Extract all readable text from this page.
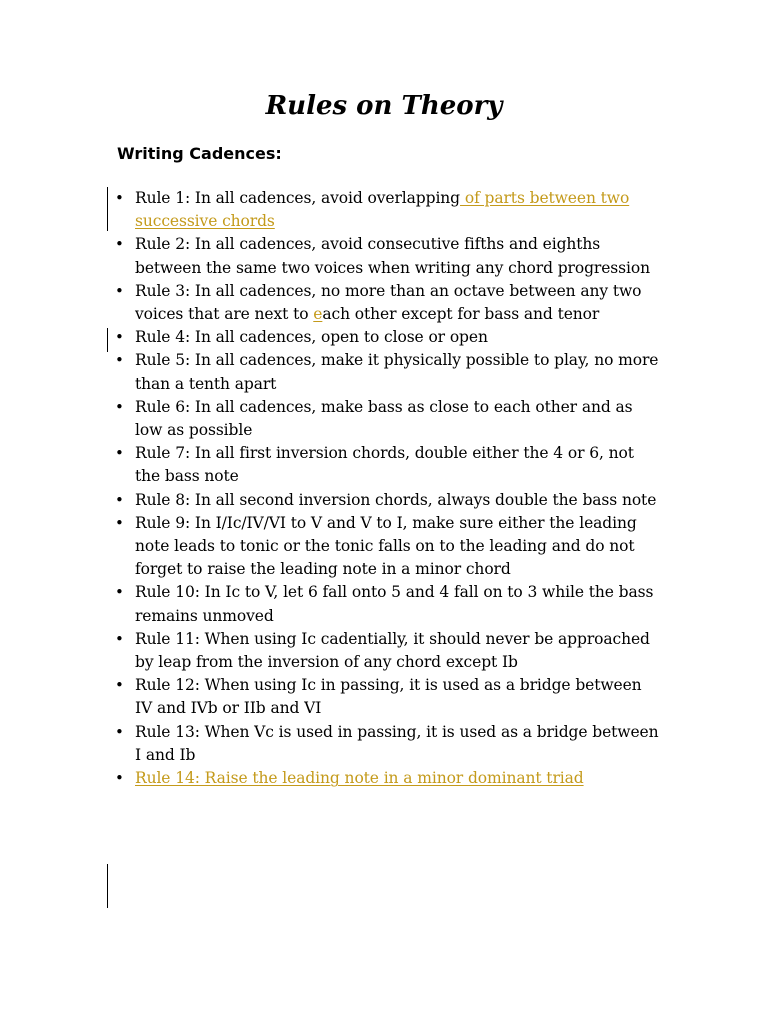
Rules on Theory
Writing Cadences:
• Rule 1: In all cadences, avoid overlapping of parts between two successive chords
• Rule 2: In all cadences, avoid consecutive fifths and eighths between the same two voices when writing any chord progression
• Rule 3: In all cadences, no more than an octave between any two voices that are next to each other except for bass and tenor
• Rule 4: In all cadences, open to close or open
• Rule 5: In all cadences, make it physically possible to play, no more than a tenth apart
• Rule 6: In all cadences, make bass as close to each other and as low as possible
• Rule 7: In all first inversion chords, double either the 4 or 6, not the bass note
• Rule 8: In all second inversion chords, always double the bass note
• Rule 9: In I/Ic/IV/VI to V and V to I, make sure either the leading note leads to tonic or the tonic falls on to the leading and do not forget to raise the leading note in a minor chord
• Rule 10: In Ic to V, let 6 fall onto 5 and 4 fall on to 3 while the bass remains unmoved
• Rule 11: When using Ic cadentially, it should never be approached by leap from the inversion of any chord except Ib
• Rule 12: When using Ic in passing, it is used as a bridge between IV and IVb or IIb and VI
• Rule 13: When Vc is used in passing, it is used as a bridge between I and Ib
• Rule 14: Raise the leading note in a minor dominant triad
